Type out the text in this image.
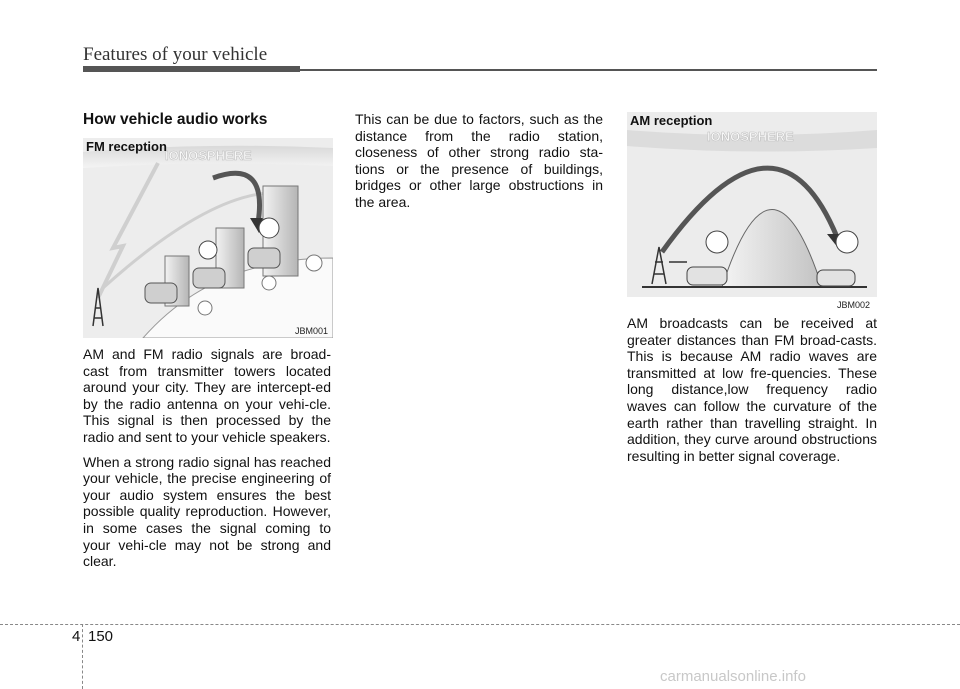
Features of your vehicle
How vehicle audio works
IONOSPHERE
FM reception
JBM001
IONOSPHERE
AM reception
JBM002

AM and FM radio signals are broad-cast from transmitter towers located around your city. They are intercept-ed by the radio antenna on your vehi-cle. This signal is then processed by the radio and sent to your vehicle speakers.

When a strong radio signal has reached your vehicle, the precise engineering of your audio system ensures the best possible quality reproduction. However, in some cases the signal coming to your vehi-cle may not be strong and clear.

This can be due to factors, such as the distance from the radio station, closeness of other strong radio sta-tions or the presence of buildings, bridges or other large obstructions in the area.

AM broadcasts can be received at greater distances than FM broad-casts. This is because AM radio waves are transmitted at low fre-quencies. These long distance,low frequency radio waves can follow the curvature of the earth rather than travelling straight. In addition, they curve around obstructions resulting in better signal coverage.

4 150
carmanualsonline.info
